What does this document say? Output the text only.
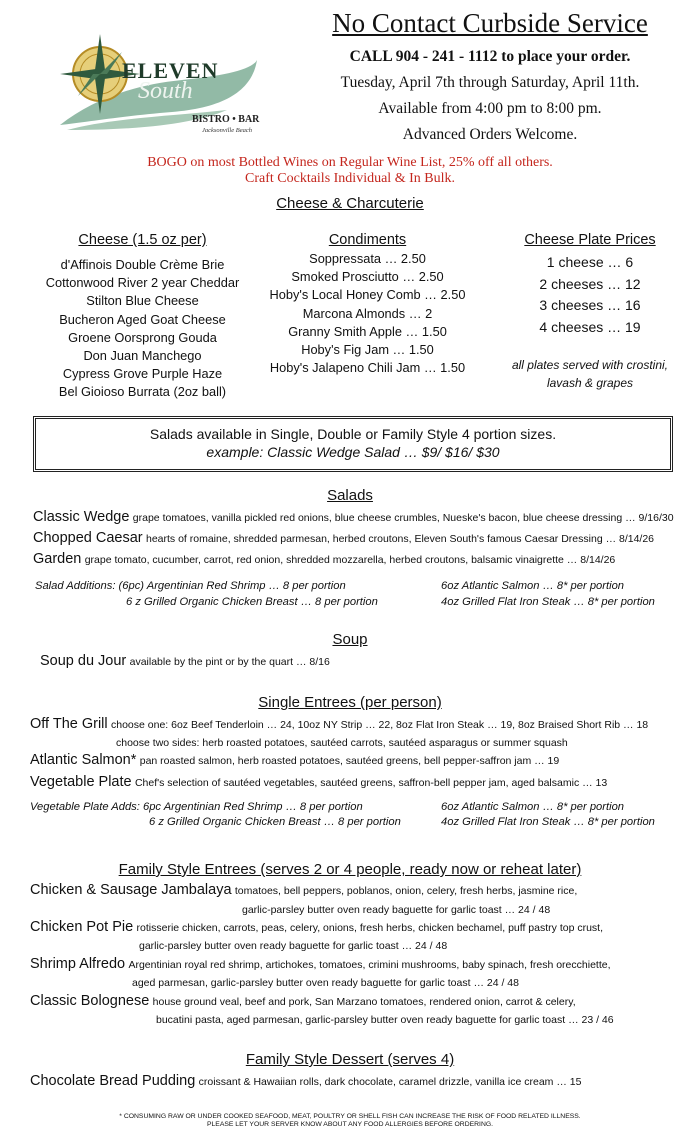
ELEVEN
South
BISTRO • BAR
Jacksonville Beach
No Contact Curbside Service
CALL 904 - 241 - 1112 to place your order.
Tuesday, April 7th through Saturday, April 11th.
Available from 4:00 pm to 8:00 pm.
Advanced Orders Welcome.
BOGO on most Bottled Wines on Regular Wine List, 25% off all others.
Craft Cocktails Individual & In Bulk.
Cheese & Charcuterie
Cheese (1.5 oz per)
d'Affinois Double Crème Brie
Cottonwood River 2 year Cheddar
Stilton Blue Cheese
Bucheron Aged Goat Cheese
Groene Oorsprong Gouda
Don Juan Manchego
Cypress Grove Purple Haze
Bel Gioioso Burrata (2oz ball)
Condiments
Soppressata … 2.50
Smoked Prosciutto … 2.50
Hoby's Local Honey Comb … 2.50
Marcona Almonds … 2
Granny Smith Apple … 1.50
Hoby's Fig Jam … 1.50
Hoby's Jalapeno Chili Jam … 1.50
Cheese Plate Prices
1 cheese … 6
2 cheeses … 12
3 cheeses … 16
4 cheeses … 19
all plates served with crostini,
lavash & grapes
Salads available in Single, Double or Family Style 4 portion sizes.
example: Classic Wedge Salad … $9/ $16/ $30
Salads
Classic Wedge grape tomatoes, vanilla pickled red onions, blue cheese crumbles, Nueske's bacon, blue cheese dressing … 9/16/30
Chopped Caesar hearts of romaine, shredded parmesan, herbed croutons, Eleven South's famous Caesar Dressing … 8/14/26
Garden grape tomato, cucumber, carrot, red onion, shredded mozzarella, herbed croutons, balsamic vinaigrette … 8/14/26
Salad Additions: (6pc) Argentinian Red Shrimp … 8 per portion
6 z Grilled Organic Chicken Breast … 8 per portion
6oz Atlantic Salmon … 8* per portion
4oz Grilled Flat Iron Steak … 8* per portion
Soup
Soup du Jour available by the pint or by the quart … 8/16
Single Entrees (per person)
Off The Grill choose one: 6oz Beef Tenderloin … 24, 10oz NY Strip … 22, 8oz Flat Iron Steak … 19, 8oz Braised Short Rib … 18
choose two sides: herb roasted potatoes, sautéed carrots, sautéed asparagus or summer squash
Atlantic Salmon* pan roasted salmon, herb roasted potatoes, sautéed greens, bell pepper-saffron jam … 19
Vegetable Plate Chef's selection of sautéed vegetables, sautéed greens, saffron-bell pepper jam, aged balsamic … 13
Vegetable Plate Adds: 6pc Argentinian Red Shrimp … 8 per portion
6 z Grilled Organic Chicken Breast … 8 per portion
6oz Atlantic Salmon … 8* per portion
4oz Grilled Flat Iron Steak … 8* per portion
Family Style Entrees (serves 2 or 4 people, ready now or reheat later)
Chicken & Sausage Jambalaya tomatoes, bell peppers, poblanos, onion, celery, fresh herbs, jasmine rice,
garlic-parsley butter oven ready baguette for garlic toast … 24 / 48
Chicken Pot Pie rotisserie chicken, carrots, peas, celery, onions, fresh herbs, chicken bechamel, puff pastry top crust,
garlic-parsley butter oven ready baguette for garlic toast … 24 / 48
Shrimp Alfredo Argentinian royal red shrimp, artichokes, tomatoes, crimini mushrooms, baby spinach, fresh orecchiette,
aged parmesan, garlic-parsley butter oven ready baguette for garlic toast … 24 / 48
Classic Bolognese house ground veal, beef and pork, San Marzano tomatoes, rendered onion, carrot & celery,
bucatini pasta, aged parmesan, garlic-parsley butter oven ready baguette for garlic toast … 23 / 46
Family Style Dessert (serves 4)
Chocolate Bread Pudding croissant & Hawaiian rolls, dark chocolate, caramel drizzle, vanilla ice cream … 15
* CONSUMING RAW OR UNDER COOKED SEAFOOD, MEAT, POULTRY OR SHELL FISH CAN INCREASE THE RISK OF FOOD RELATED ILLNESS.
PLEASE LET YOUR SERVER KNOW ABOUT ANY FOOD ALLERGIES BEFORE ORDERING.
